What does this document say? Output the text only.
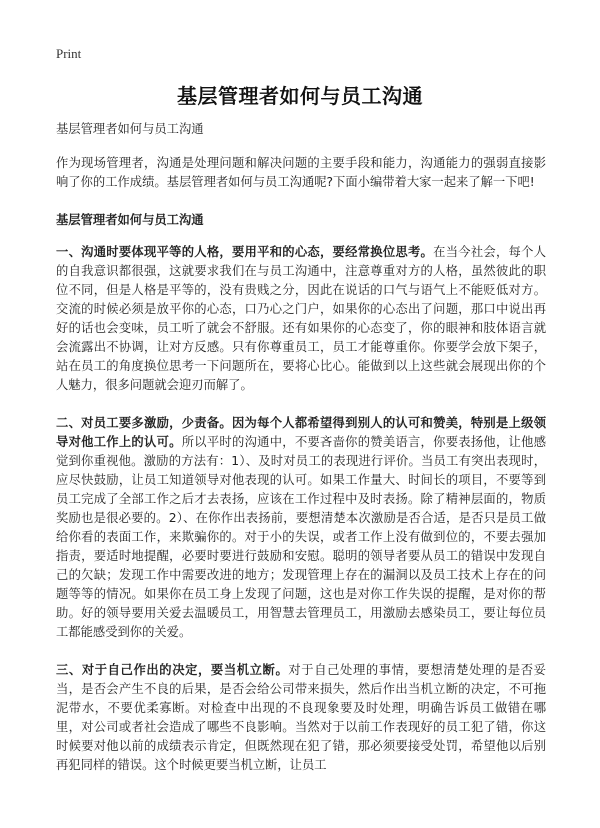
Print
基层管理者如何与员工沟通

基层管理者如何与员工沟通

作为现场管理者，沟通是处理问题和解决问题的主要手段和能力，沟通能力的强弱直接影响了你的工作成绩。基层管理者如何与员工沟通呢?下面小编带着大家一起来了解一下吧!

基层管理者如何与员工沟通

一、沟通时要体现平等的人格，要用平和的心态，要经常换位思考。在当今社会，每个人的自我意识都很强，这就要求我们在与员工沟通中，注意尊重对方的人格，虽然彼此的职位不同，但是人格是平等的，没有贵贱之分，因此在说话的口气与语气上不能贬低对方。交流的时候必须是放平你的心态，口乃心之门户，如果你的心态出了问题，那口中说出再好的话也会变味，员工听了就会不舒服。还有如果你的心态变了，你的眼神和肢体语言就会流露出不协调，让对方反感。只有你尊重员工，员工才能尊重你。你要学会放下架子，站在员工的角度换位思考一下问题所在，要将心比心。能做到以上这些就会展现出你的个人魅力，很多问题就会迎刃而解了。

二、对员工要多激励，少责备。因为每个人都希望得到别人的认可和赞美，特别是上级领导对他工作上的认可。所以平时的沟通中，不要吝啬你的赞美语言，你要表扬他，让他感觉到你重视他。激励的方法有：1）、及时对员工的表现进行评价。当员工有突出表现时，应尽快鼓励，让员工知道领导对他表现的认可。如果工作量大、时间长的项目，不要等到员工完成了全部工作之后才去表扬，应该在工作过程中及时表扬。除了精神层面的，物质奖励也是很必要的。2）、在你作出表扬前，要想清楚本次激励是否合适，是否只是员工做给你看的表面工作，来欺骗你的。对于小的失误，或者工作上没有做到位的，不要去强加指责，要适时地提醒，必要时要进行鼓励和安慰。聪明的领导者要从员工的错误中发现自己的欠缺；发现工作中需要改进的地方；发现管理上存在的漏洞以及员工技术上存在的问题等等的情况。如果你在员工身上发现了问题，这也是对你工作失误的提醒，是对你的帮助。好的领导要用关爱去温暖员工，用智慧去管理员工，用激励去感染员工，要让每位员工都能感受到你的关爱。

三、对于自己作出的决定，要当机立断。对于自己处理的事情，要想清楚处理的是否妥当，是否会产生不良的后果，是否会给公司带来损失，然后作出当机立断的决定，不可拖泥带水，不要优柔寡断。对检查中出现的不良现象要及时处理，明确告诉员工做错在哪里，对公司或者社会造成了哪些不良影响。当然对于以前工作表现好的员工犯了错，你这时候要对他以前的成绩表示肯定，但既然现在犯了错，那必须要接受处罚，希望他以后别再犯同样的错误。这个时候更要当机立断，让员工
